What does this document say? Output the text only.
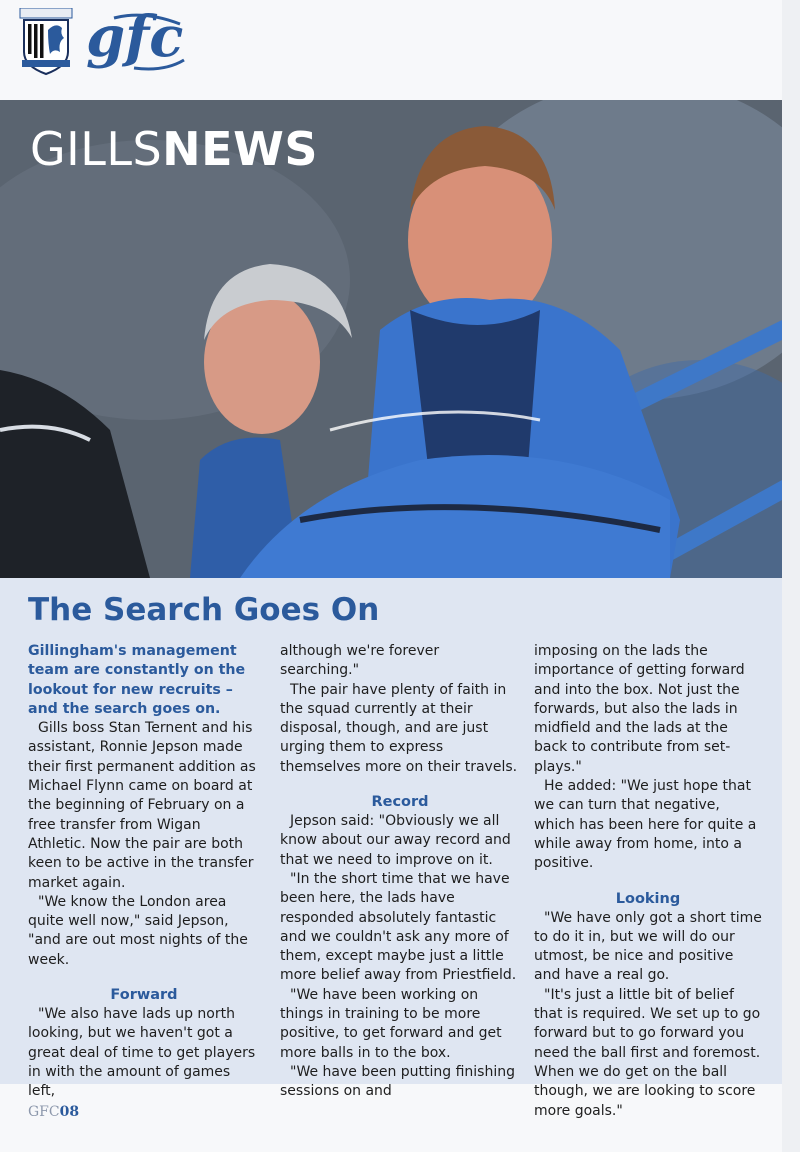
gfc
GILLSNEWS
The Search Goes On

Gillingham's management team are constantly on the lookout for new recruits – and the search goes on.

Gills boss Stan Ternent and his assistant, Ronnie Jepson made their first permanent addition as Michael Flynn came on board at the beginning of February on a free transfer from Wigan Athletic. Now the pair are both keen to be active in the transfer market again.

"We know the London area quite well now," said Jepson, "and are out most nights of the week.

Forward

"We also have lads up north looking, but we haven't got a great deal of time to get players in with the amount of games left,

although we're forever searching."

The pair have plenty of faith in the squad currently at their disposal, though, and are just urging them to express themselves more on their travels.

Record

Jepson said: "Obviously we all know about our away record and that we need to improve on it.

"In the short time that we have been here, the lads have responded absolutely fantastic and we couldn't ask any more of them, except maybe just a little more belief away from Priestfield.

"We have been working on things in training to be more positive, to get forward and get more balls in to the box.

"We have been putting finishing sessions on and

imposing on the lads the importance of getting forward and into the box. Not just the forwards, but also the lads in midfield and the lads at the back to contribute from set-plays."

He added: "We just hope that we can turn that negative, which has been here for quite a while away from home, into a positive.

Looking

"We have only got a short time to do it in, but we will do our utmost, be nice and positive and have a real go.

"It's just a little bit of belief that is required. We set up to go forward but to go forward you need the ball first and foremost. When we do get on the ball though, we are looking to score more goals."

GFC08
